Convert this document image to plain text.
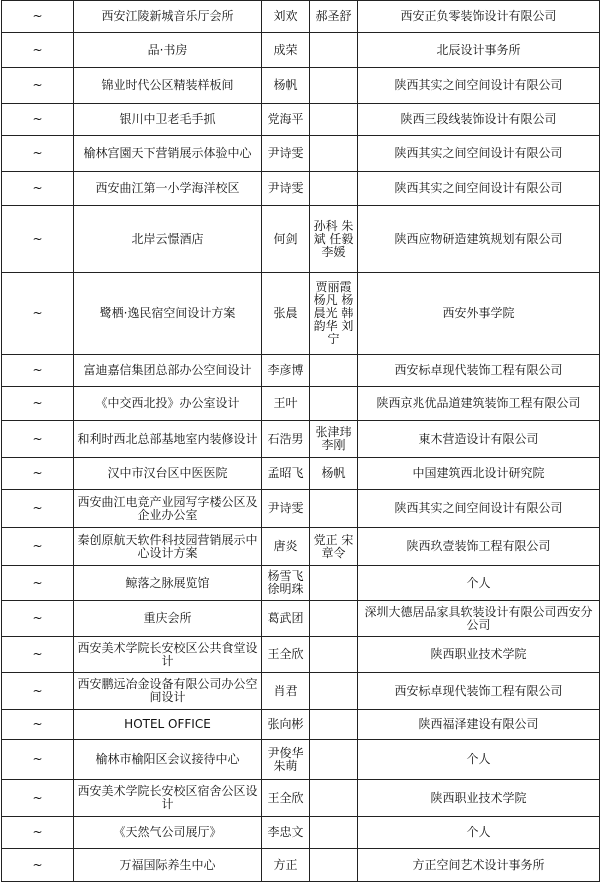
~	西安江陵新城音乐厅会所	刘欢	郝圣舒	西安正负零装饰设计有限公司
~	品·书房	成荣		北辰设计事务所
~	锦业时代公区精装样板间	杨帆		陕西其实之间空间设计有限公司
~	银川中卫老毛手抓	党海平		陕西三段线装饰设计有限公司
~	榆林宫園天下营销展示体验中心	尹诗雯		陕西其实之间空间设计有限公司
~	西安曲江第一小学海洋校区	尹诗雯		陕西其实之间空间设计有限公司
~	北岸云憬酒店	何剑	孙科 朱斌 任毅 李媛	陕西应物研造建筑规划有限公司
~	鹭栖·逸民宿空间设计方案	张晨	贾丽霞 杨凡 杨晨光 韩韵华 刘宁	西安外事学院
~	富迪嘉信集团总部办公空间设计	李彦博		西安标卓现代装饰工程有限公司
~	《中交西北投》办公室设计	王叶		陕西京兆优品道建筑装饰工程有限公司
~	和利时西北总部基地室内装修设计	石浩男	张津玮 李刚	東木营造设计有限公司
~	汉中市汉台区中医医院	孟昭飞	杨帆	中国建筑西北设计研究院
~	西安曲江电竞产业园写字楼公区及企业办公室	尹诗雯		陕西其实之间空间设计有限公司
~	秦创原航天软件科技园营销展示中心设计方案	唐炎	党正 宋章令	陕西玖壹装饰工程有限公司
~	鲸落之脉展览馆	杨雪飞 徐明珠		个人
~	重庆会所	葛武团		深圳大德居品家具软装设计有限公司西安分公司
~	西安美术学院长安校区公共食堂设计	王全欣		陕西职业技术学院
~	西安鹏远冶金设备有限公司办公空间设计	肖君		西安标卓现代装饰工程有限公司
~	HOTEL OFFICE	张向彬		陕西福泽建设有限公司
~	榆林市榆阳区会议接待中心	尹俊华 朱萌		个人
~	西安美术学院长安校区宿舍公区设计	王全欣		陕西职业技术学院
~	《天然气公司展厅》	李忠文		个人
~	万福国际养生中心	方正		方正空间艺术设计事务所
